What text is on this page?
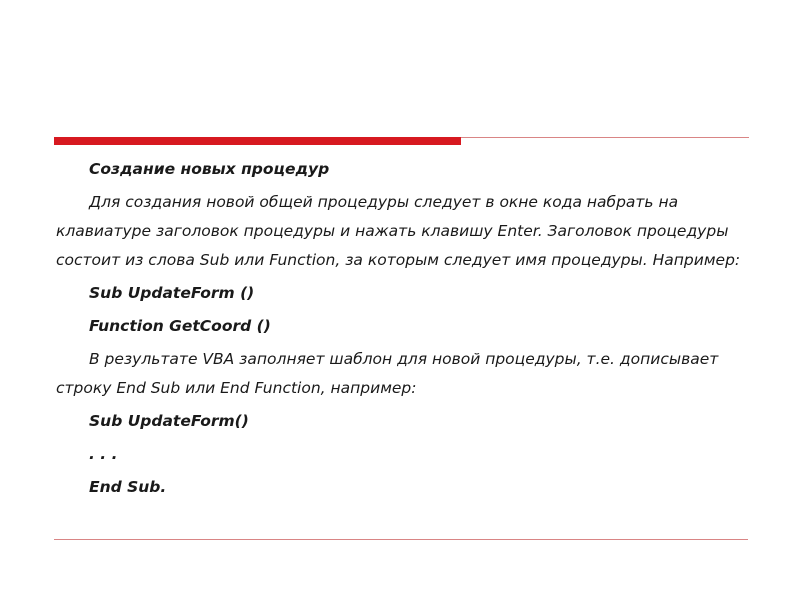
Создание новых процедур

Для создания новой общей процедуры следует в окне кода набрать на клавиатуре заголовок процедуры и нажать клавишу Enter. Заголовок процедуры состоит из слова Sub или Function, за которым следует имя процедуры. Например:

Sub UpdateForm ()

Function GetCoord ()

В результате VBA заполняет шаблон для новой процедуры, т.е. дописывает строку End Sub или End Function, например:

Sub UpdateForm()

. . .

End Sub.
